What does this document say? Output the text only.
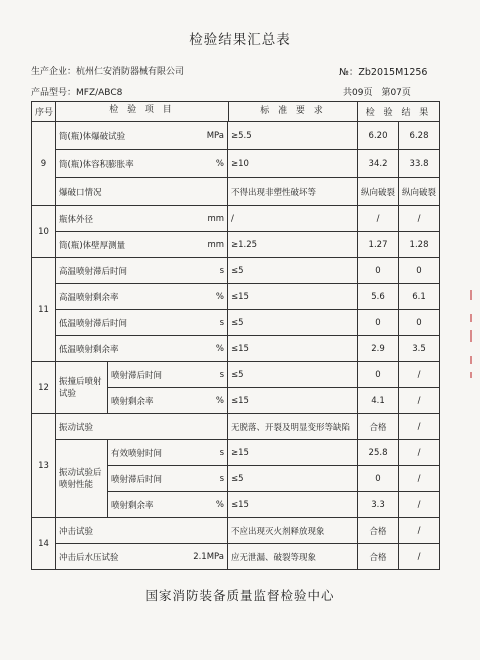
检验结果汇总表
生产企业：杭州仁安消防器械有限公司	№：Zb2015M1256
产品型号：MFZ/ABC8	共09页　第07页
序号	检 验 项 目 标 准 要 求			检 验 结 果	
9	筒(瓶)体爆破试验 MPa		≥5.5	6.20	6.28

	筒(瓶)体容积膨胀率 %		≥10	34.2	33.8
	爆破口情况		不得出现非塑性破坏等	纵向破裂	纵向破裂
10	瓶体外径 mm		/	/	/

	筒(瓶)体壁厚测量 mm		≥1.25	1.27	1.28
11	高温喷射滞后时间 s		≤5	0	0

	高温喷射剩余率 %		≤15	5.6	6.1

	低温喷射滞后时间 s		≤5	0	0

	低温喷射剩余率 %		≤15	2.9	3.5
12	振撞后喷射试验	喷射滞后时间 s	≤5	0	/

		喷射剩余率 %	≤15	4.1	/
13	振动试验		无脱落、开裂及明显变形等缺陷	合格	/
	振动试验后喷射性能	有效喷射时间 s	≥15	25.8	/

		喷射滞后时间 s	≤5	0	/

		喷射剩余率 %	≤15	3.3	/
14	冲击试验		不应出现灭火剂释放现象	合格	/

	冲击后水压试验 2.1MPa		应无泄漏、破裂等现象	合格	/
国家消防装备质量监督检验中心
